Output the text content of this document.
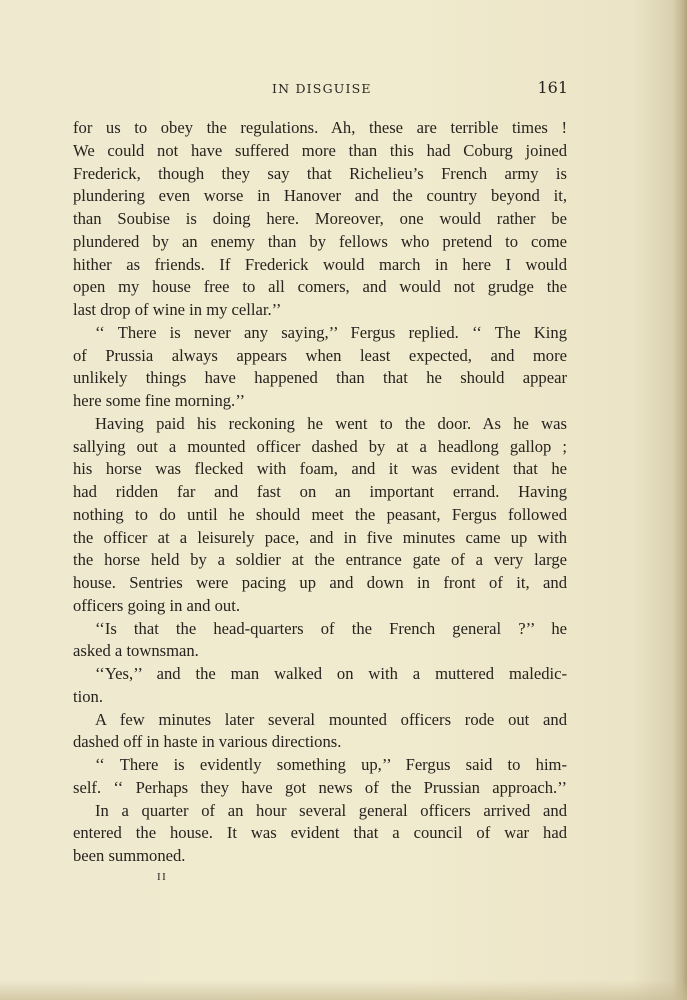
IN DISGUISE	161
for us to obey the regulations. Ah, these are terrible times !
We could not have suffered more than this had Coburg joined
Frederick, though they say that Richelieu’s French army is
plundering even worse in Hanover and the country beyond it,
than Soubise is doing here. Moreover, one would rather be
plundered by an enemy than by fellows who pretend to come
hither as friends. If Frederick would march in here I would
open my house free to all comers, and would not grudge the
last drop of wine in my cellar.’’
‘‘ There is never any saying,’’ Fergus replied. ‘‘ The King
of Prussia always appears when least expected, and more
unlikely things have happened than that he should appear
here some fine morning.’’
Having paid his reckoning he went to the door. As he was
sallying out a mounted officer dashed by at a headlong gallop ;
his horse was flecked with foam, and it was evident that he
had ridden far and fast on an important errand. Having
nothing to do until he should meet the peasant, Fergus followed
the officer at a leisurely pace, and in five minutes came up with
the horse held by a soldier at the entrance gate of a very large
house. Sentries were pacing up and down in front of it, and
officers going in and out.
‘‘Is that the head-quarters of the French general ?’’ he
asked a townsman.
‘‘Yes,’’ and the man walked on with a muttered maledic-
tion.
A few minutes later several mounted officers rode out and
dashed off in haste in various directions.
‘‘ There is evidently something up,’’ Fergus said to him-
self. ‘‘ Perhaps they have got news of the Prussian approach.’’
In a quarter of an hour several general officers arrived and
entered the house. It was evident that a council of war had
been summoned.
II
